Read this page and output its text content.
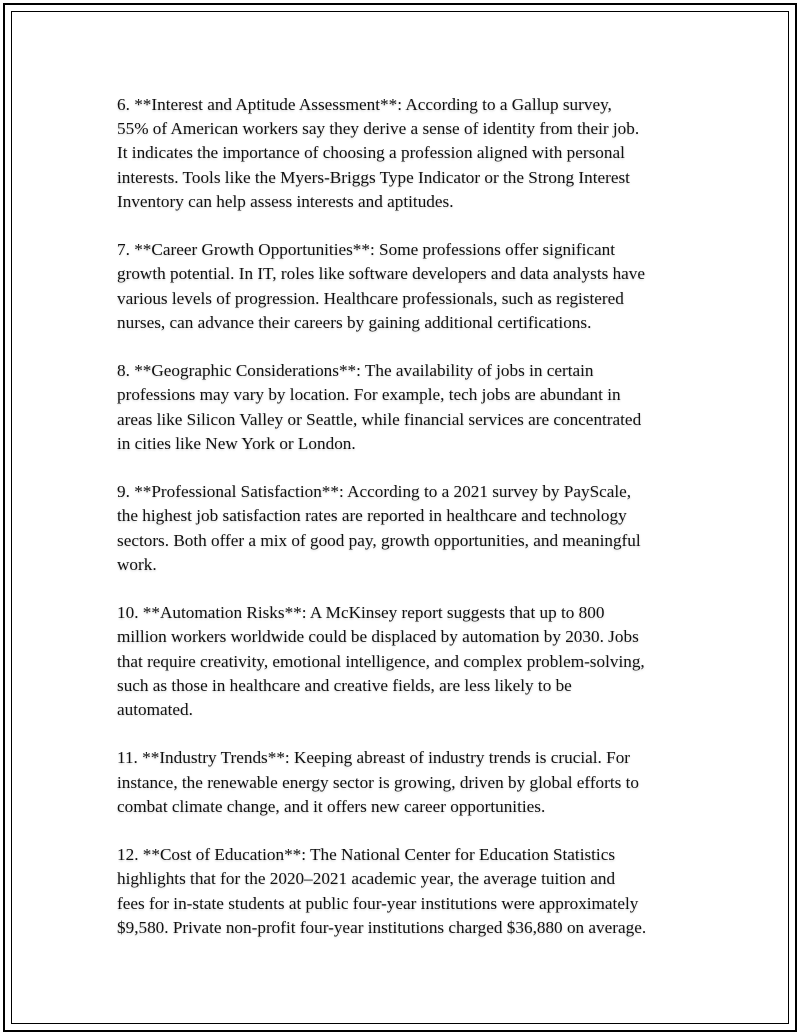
6. **Interest and Aptitude Assessment**: According to a Gallup survey,
55% of American workers say they derive a sense of identity from their job.
It indicates the importance of choosing a profession aligned with personal
interests. Tools like the Myers-Briggs Type Indicator or the Strong Interest
Inventory can help assess interests and aptitudes.

7. **Career Growth Opportunities**: Some professions offer significant
growth potential. In IT, roles like software developers and data analysts have
various levels of progression. Healthcare professionals, such as registered
nurses, can advance their careers by gaining additional certifications.

8. **Geographic Considerations**: The availability of jobs in certain
professions may vary by location. For example, tech jobs are abundant in
areas like Silicon Valley or Seattle, while financial services are concentrated
in cities like New York or London.

9. **Professional Satisfaction**: According to a 2021 survey by PayScale,
the highest job satisfaction rates are reported in healthcare and technology
sectors. Both offer a mix of good pay, growth opportunities, and meaningful
work.

10. **Automation Risks**: A McKinsey report suggests that up to 800
million workers worldwide could be displaced by automation by 2030. Jobs
that require creativity, emotional intelligence, and complex problem-solving,
such as those in healthcare and creative fields, are less likely to be
automated.

11. **Industry Trends**: Keeping abreast of industry trends is crucial. For
instance, the renewable energy sector is growing, driven by global efforts to
combat climate change, and it offers new career opportunities.

12. **Cost of Education**: The National Center for Education Statistics
highlights that for the 2020–2021 academic year, the average tuition and
fees for in-state students at public four-year institutions were approximately
$9,580. Private non-profit four-year institutions charged $36,880 on average.
